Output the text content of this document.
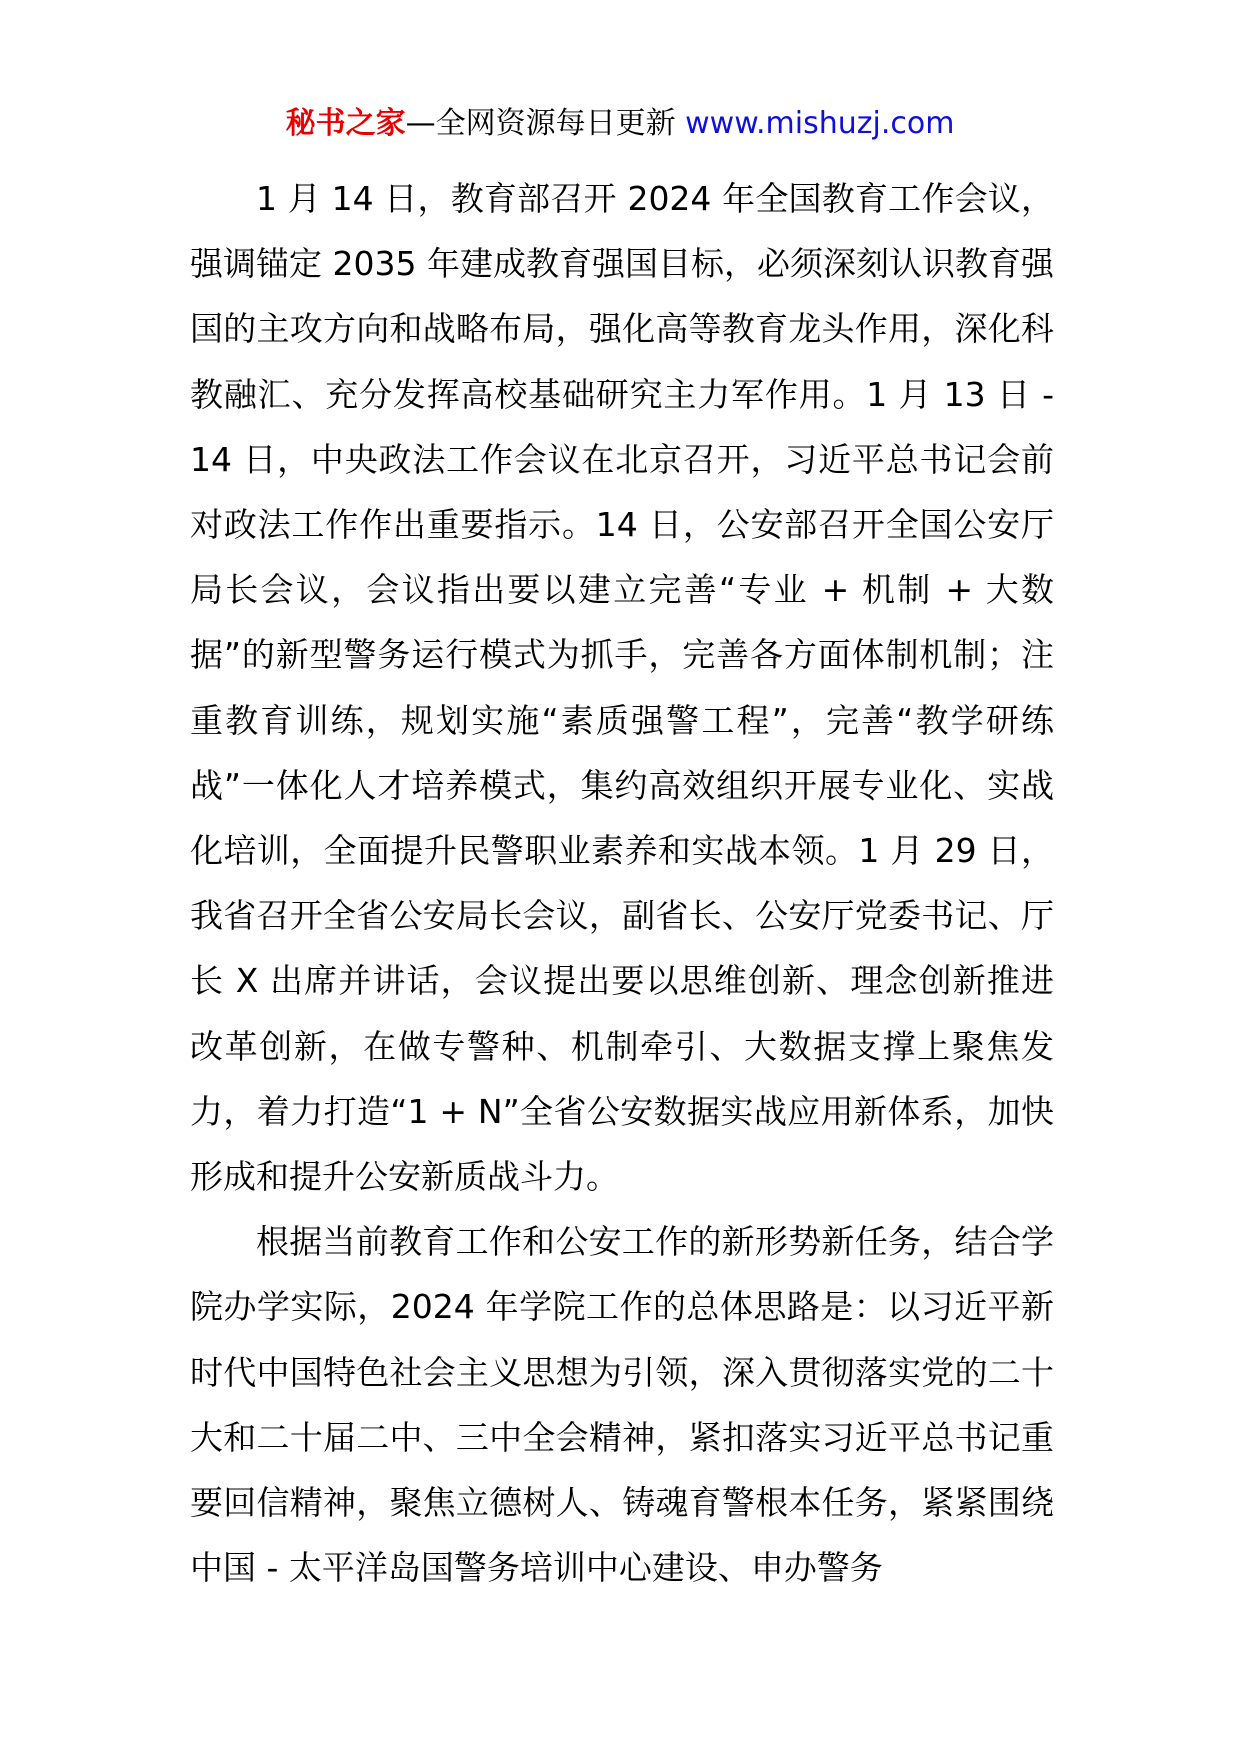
秘书之家—全网资源每日更新 www.mishuzj.com

1 月 14 日，教育部召开 2024 年全国教育工作会议，强调锚定 2035 年建成教育强国目标，必须深刻认识教育强国的主攻方向和战略布局，强化高等教育龙头作用，深化科教融汇、充分发挥高校基础研究主力军作用。1 月 13 日 - 14 日，中央政法工作会议在北京召开，习近平总书记会前对政法工作作出重要指示。14 日，公安部召开全国公安厅局长会议，会议指出要以建立完善“专业 + 机制 + 大数据”的新型警务运行模式为抓手，完善各方面体制机制；注重教育训练，规划实施“素质强警工程”，完善“教学研练战”一体化人才培养模式，集约高效组织开展专业化、实战化培训，全面提升民警职业素养和实战本领。1 月 29 日，我省召开全省公安局长会议，副省长、公安厅党委书记、厅长 X 出席并讲话，会议提出要以思维创新、理念创新推进改革创新，在做专警种、机制牵引、大数据支撑上聚焦发力，着力打造“1 + N”全省公安数据实战应用新体系，加快形成和提升公安新质战斗力。

根据当前教育工作和公安工作的新形势新任务，结合学院办学实际，2024 年学院工作的总体思路是：以习近平新时代中国特色社会主义思想为引领，深入贯彻落实党的二十大和二十届二中、三中全会精神，紧扣落实习近平总书记重要回信精神，聚焦立德树人、铸魂育警根本任务，紧紧围绕中国 - 太平洋岛国警务培训中心建设、申办警务
